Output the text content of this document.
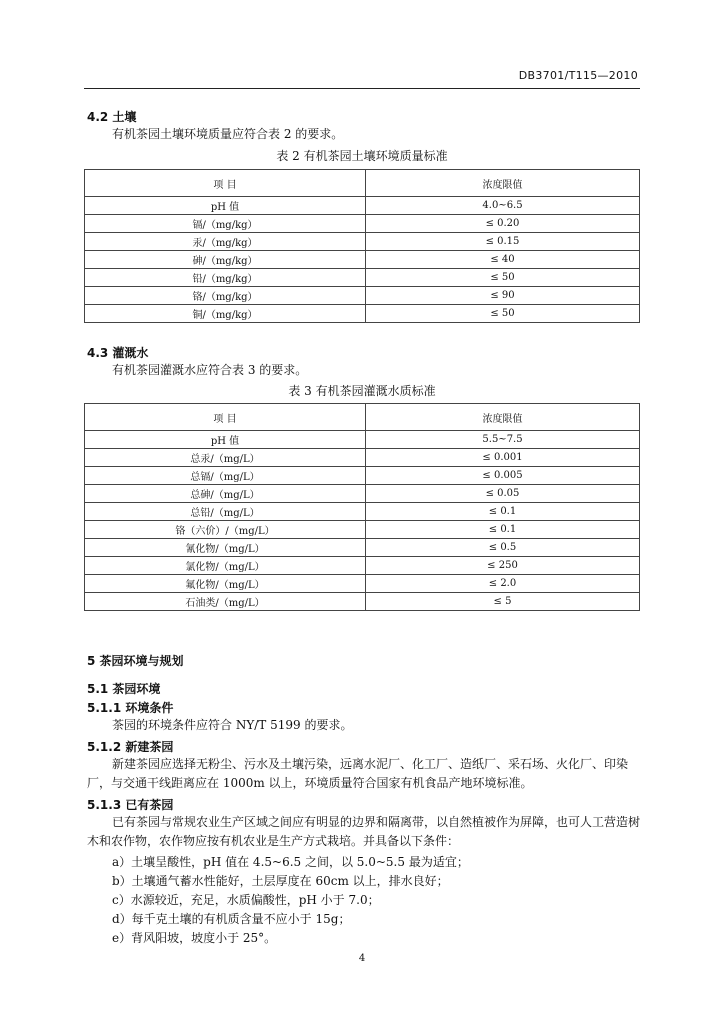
DB3701/T115—2010
4.2 土壤
有机茶园土壤环境质量应符合表 2 的要求。
表 2 有机茶园土壤环境质量标准
项 目	浓度限值
pH 值	4.0~6.5
镉/（mg/kg）	≤ 0.20
汞/（mg/kg）	≤ 0.15
砷/（mg/kg）	≤ 40
铅/（mg/kg）	≤ 50
铬/（mg/kg）	≤ 90
铜/（mg/kg）	≤ 50
4.3 灌溉水
有机茶园灌溉水应符合表 3 的要求。
表 3 有机茶园灌溉水质标准
项 目	浓度限值
pH 值	5.5~7.5
总汞/（mg/L）	≤ 0.001
总镉/（mg/L）	≤ 0.005
总砷/（mg/L）	≤ 0.05
总铅/（mg/L）	≤ 0.1
铬（六价）/（mg/L）	≤ 0.1
氰化物/（mg/L）	≤ 0.5
氯化物/（mg/L）	≤ 250
氟化物/（mg/L）	≤ 2.0
石油类/（mg/L）	≤ 5
5 茶园环境与规划
5.1 茶园环境
5.1.1 环境条件
茶园的环境条件应符合 NY/T 5199 的要求。
5.1.2 新建茶园
新建茶园应选择无粉尘、污水及土壤污染，远离水泥厂、化工厂、造纸厂、采石场、火化厂、印染厂，与交通干线距离应在 1000m 以上，环境质量符合国家有机食品产地环境标准。
5.1.3 已有茶园
已有茶园与常规农业生产区域之间应有明显的边界和隔离带，以自然植被作为屏障，也可人工营造树木和农作物，农作物应按有机农业是生产方式栽培。并具备以下条件：
a）土壤呈酸性，pH 值在 4.5~6.5 之间，以 5.0~5.5 最为适宜；
b）土壤通气蓄水性能好，土层厚度在 60cm 以上，排水良好；
c）水源较近，充足，水质偏酸性，pH 小于 7.0；
d）每千克土壤的有机质含量不应小于 15g；
e）背风阳坡，坡度小于 25°。
4
